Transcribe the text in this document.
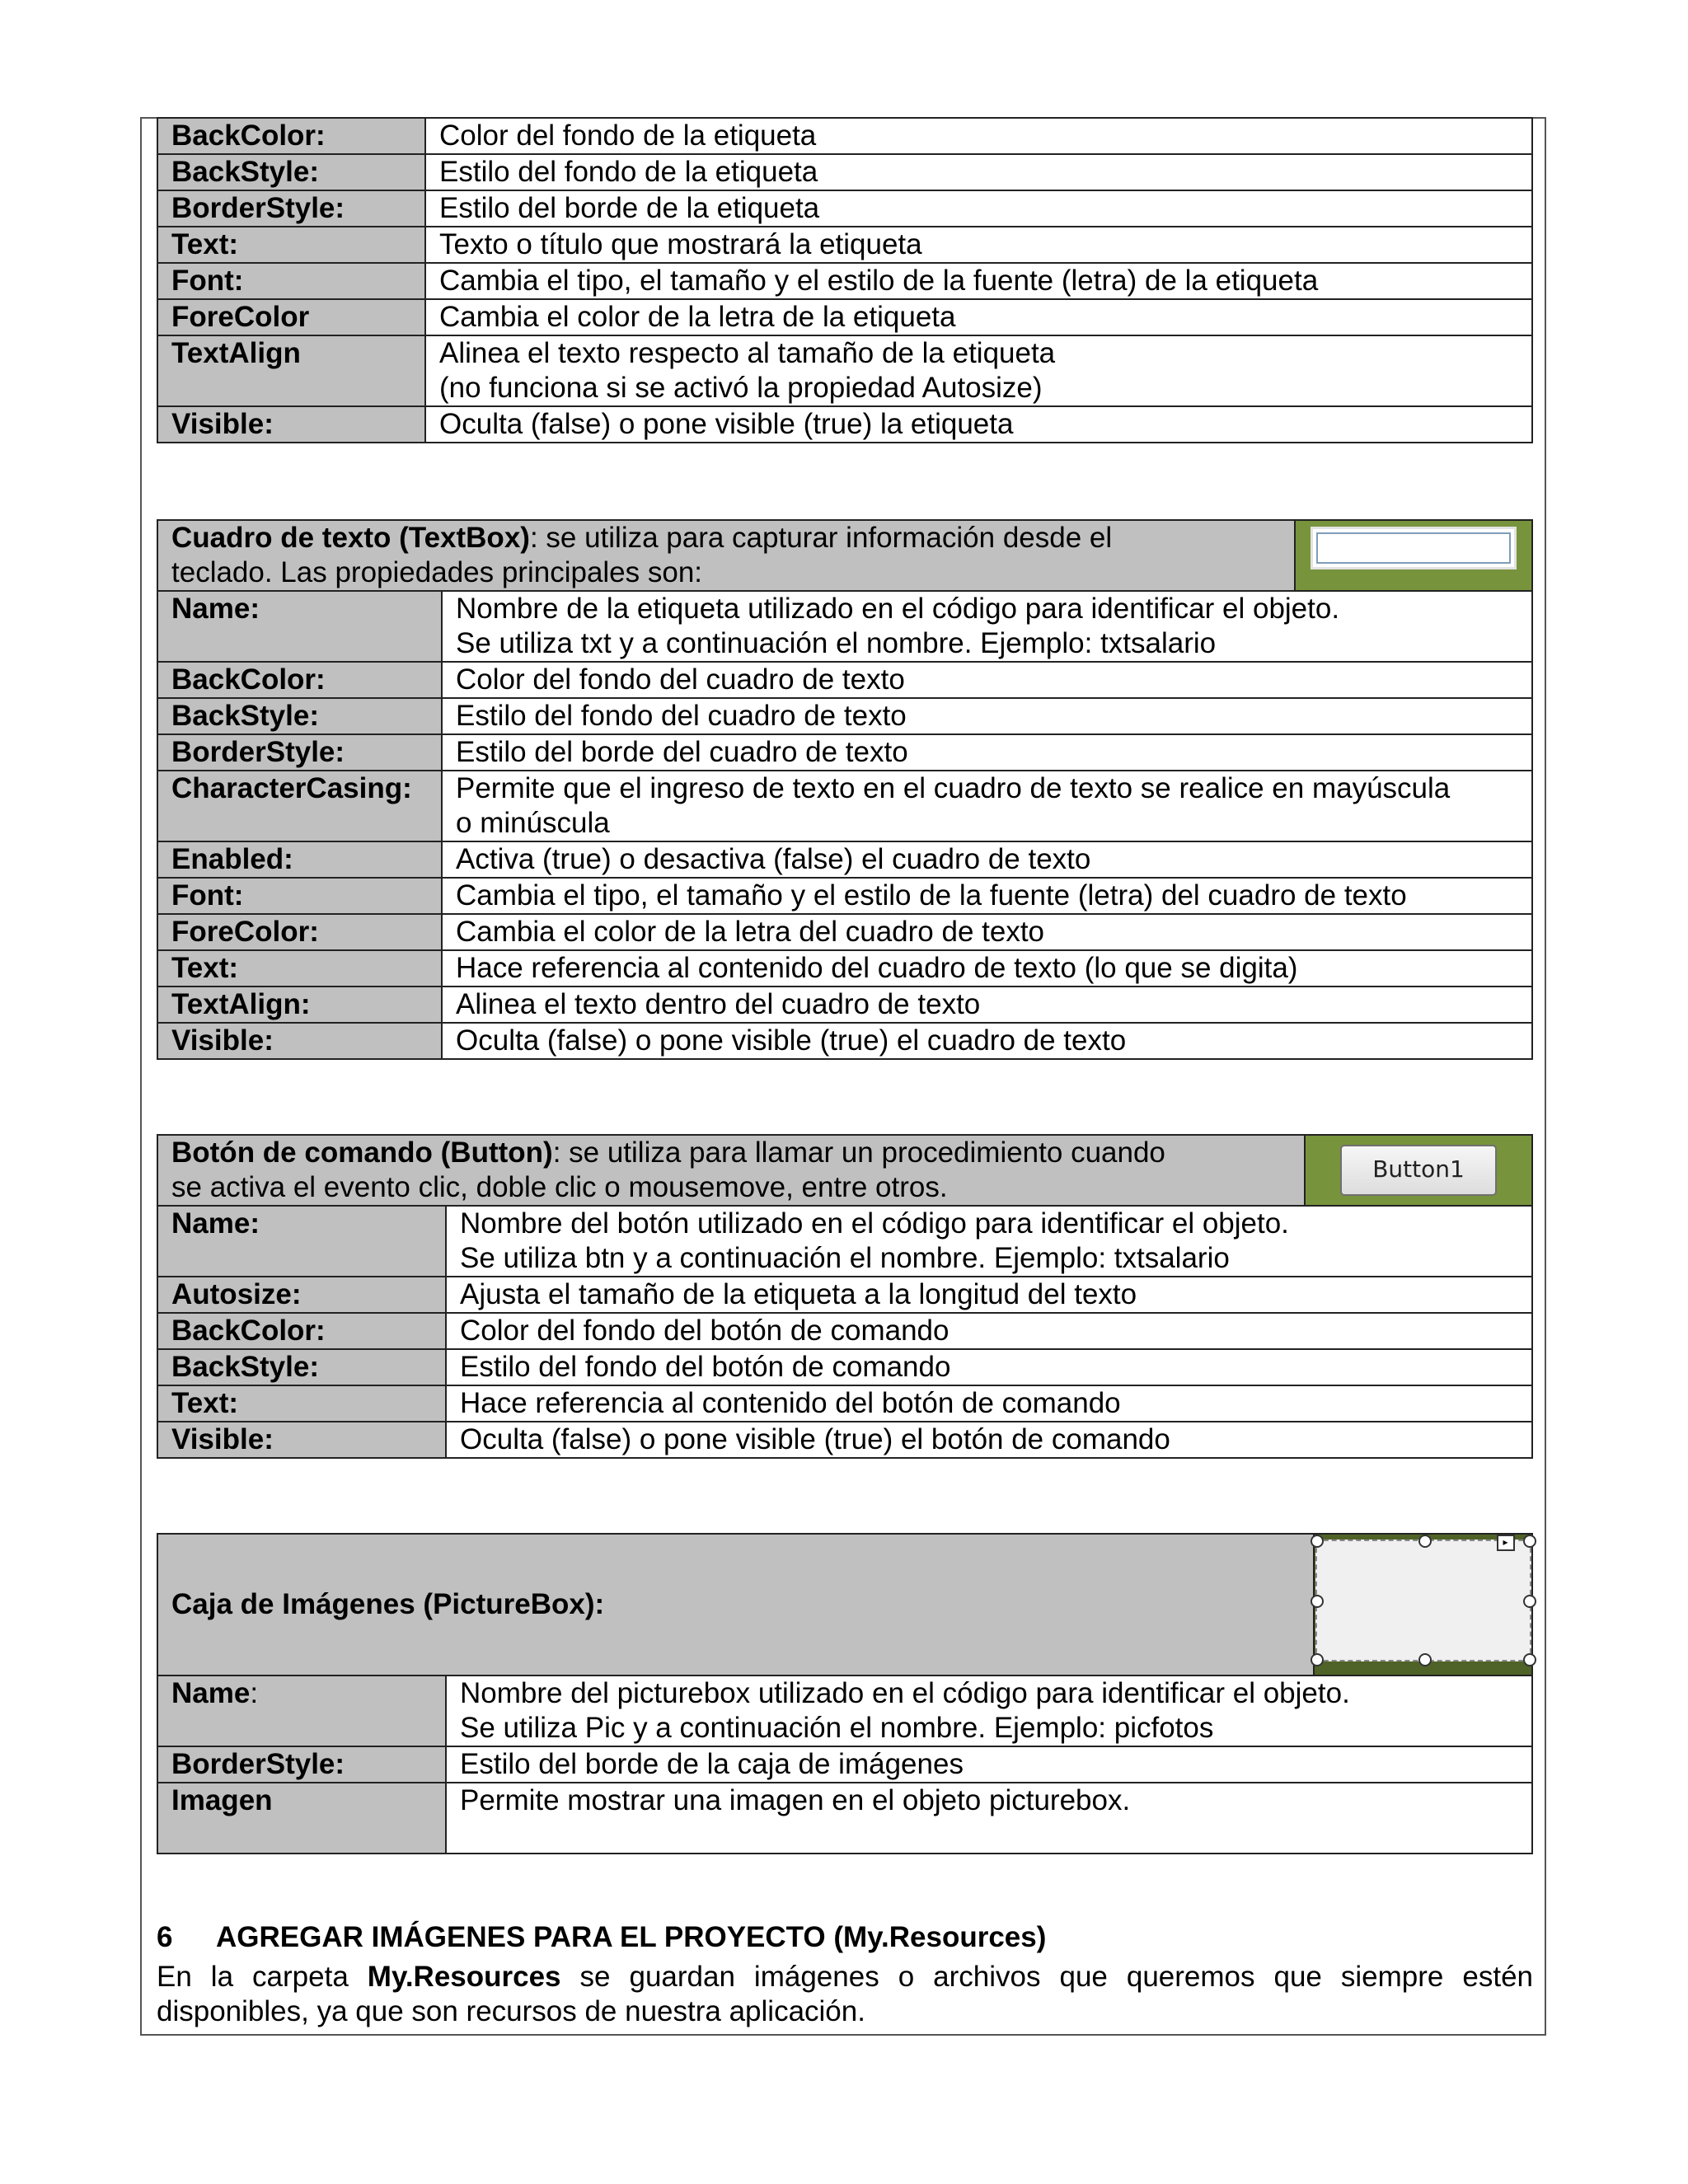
BackColor:	Color del fondo de la etiqueta
BackStyle:	Estilo del fondo de la etiqueta
BorderStyle:	Estilo del borde de la etiqueta
Text:	Texto o título que mostrará la etiqueta
Font:	Cambia el tipo, el tamaño y el estilo de la fuente (letra) de la etiqueta
ForeColor	Cambia el color de la letra de la etiqueta
TextAlign	Alinea el texto respecto al tamaño de la etiqueta
(no funciona si se activó la propiedad Autosize)

Visible:	Oculta (false) o pone visible (true) la etiqueta
Cuadro de texto (TextBox): se utiliza para capturar información desde el
teclado. Las propiedades principales son:		

Name:	Nombre de la etiqueta utilizado en el código para identificar el objeto.
Se utiliza txt y a continuación el nombre. Ejemplo: txtsalario	

BackColor:	Color del fondo del cuadro de texto	
BackStyle:	Estilo del fondo del cuadro de texto	
BorderStyle:	Estilo del borde del cuadro de texto	
CharacterCasing:	Permite que el ingreso de texto en el cuadro de texto se realice en mayúscula
o minúscula	

Enabled:	Activa (true) o desactiva (false) el cuadro de texto	
Font:	Cambia el tipo, el tamaño y el estilo de la fuente (letra) del cuadro de texto	
ForeColor:	Cambia el color de la letra del cuadro de texto	
Text:	Hace referencia al contenido del cuadro de texto (lo que se digita)	
TextAlign:	Alinea el texto dentro del cuadro de texto	
Visible:	Oculta (false) o pone visible (true) el cuadro de texto	
Botón de comando (Button): se utiliza para llamar un procedimiento cuando
se activa el evento clic, doble clic o mousemove, entre otros.		Button1

Name:	Nombre del botón utilizado en el código para identificar el objeto.
Se utiliza btn y a continuación el nombre. Ejemplo: txtsalario	

Autosize:	Ajusta el tamaño de la etiqueta a la longitud del texto	
BackColor:	Color del fondo del botón de comando	
BackStyle:	Estilo del fondo del botón de comando	
Text:	Hace referencia al contenido del botón de comando	
Visible:	Oculta (false) o pone visible (true) el botón de comando	
Caja de Imágenes (PictureBox):		▸

Name:	Nombre del picturebox utilizado en el código para identificar el objeto.
Se utiliza Pic y a continuación el nombre. Ejemplo: picfotos	

BorderStyle:	Estilo del borde de la caja de imágenes	
Imagen	Permite mostrar una imagen en el objeto picturebox.	
6 AGREGAR IMÁGENES PARA EL PROYECTO (My.Resources)

En la carpeta My.Resources se guardan imágenes o archivos que queremos que siempre estén disponibles, ya que son recursos de nuestra aplicación.
